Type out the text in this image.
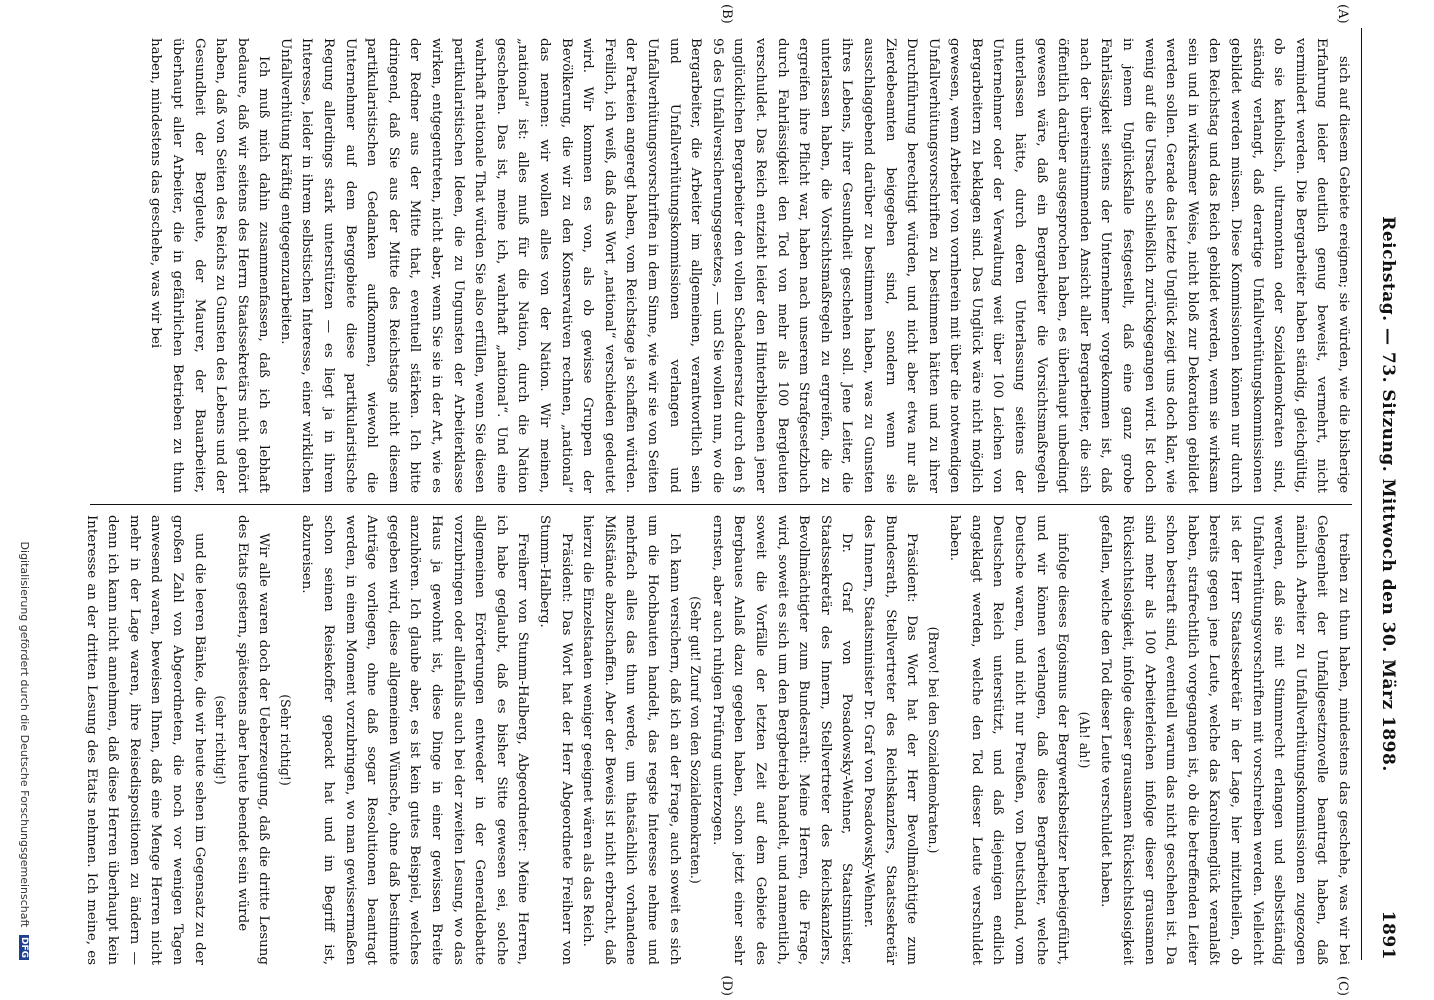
Reichstag. — 73. Sitzung. Mittwoch den 30. März 1898.
1891
(A)
(B)
(C)
(D)

sich auf diesem Gebiete ereignen; sie würden, wie die bisherige Erfahrung leider deutlich genug beweist, vermehrt, nicht vermindert werden. Die Bergarbeiter haben ständig, gleichgültig, ob sie katholisch, ultramontan oder Sozialdemokraten sind, ständig verlangt, daß derartige Unfallverhütungskommissionen gebildet werden müssen. Diese Kommissionen können nur durch den Reichstag und das Reich gebildet werden, wenn sie wirksam sein und in wirksamer Weise, nicht bloß zur Dekoration gebildet werden sollen. Gerade das letzte Unglück zeigt uns doch klar, wie wenig auf die Ursache schließlich zurückgegangen wird. Ist doch in jenem Unglücksfalle festgestellt, daß eine ganz grobe Fahrlässigkeit seitens der Unternehmer vorgekommen ist, daß nach der übereinstimmenden Ansicht aller Bergarbeiter, die sich öffentlich darüber ausgesprochen haben, es überhaupt unbedingt gewesen wäre, daß ein Bergarbeiter die Vorsichtsmaßregeln unterlassen hätte, durch deren Unterlassung seitens der Unternehmer oder der Verwaltung weit über 100 Leichen von Bergarbeitern zu beklagen sind. Das Unglück wäre nicht möglich gewesen, wenn Arbeiter von vornherein mit über die notwendigen Unfallverhütungsvorschriften zu bestimmen hätten und zu ihrer Durchführung berechtigt würden, und nicht aber etwa nur als Zierdebeamten beigegeben sind, sondern wenn sie ausschlaggebend darüber zu bestimmen haben, was zu Gunsten ihres Lebens, ihrer Gesundheit geschehen soll. Jene Leiter, die unterlassen haben, die Vorsichtsmaßregeln zu ergreifen, die zu ergreifen ihre Pflicht war, haben nach unserem Strafgesetzbuch durch Fahrlässigkeit den Tod von mehr als 100 Bergleuten verschuldet. Das Reich entzieht leider den Hinterbliebenen jener unglücklichen Bergarbeiter den vollen Schadenersatz durch den § 95 des Unfallversicherungsgesetzes, — und Sie wollen nun, wo die Bergarbeiter, die Arbeiter im allgemeinen, verantwortlich sein und Unfallverhütungskommissionen verlangen und Unfallverhütungsvorschriften in dem Sinne, wie wir sie von Seiten der Parteien angeregt haben, vom Reichstage ja schaffen würden. Freilich, ich weiß, daß das Wort „national“ verschieden gedeutet wird. Wir kommen es von, als ob gewisse Gruppen der Bevölkerung, die wir zu den Konservativen rechnen, „national“ das nennen: wir wollen alles von der Nation. Wir meinen, „national“ ist: alles muß für die Nation, durch die Nation geschehen. Das ist, meine ich, wahrhaft „national“. Und eine wahrhaft nationale That würden Sie also erfüllen, wenn Sie diesen partikularistischen Ideen, die zu Ungunsten der Arbeiterklasse wirken, entgegentreten, nicht aber, wenn Sie sie in der Art, wie es der Redner aus der Mitte that, eventuell stärken. Ich bitte dringend, daß Sie aus der Mitte des Reichstags nicht diesem partikularistischen Gedanken aufkommen, wiewohl die Unternehmer auf dem Berggebiete diese partikularistische Regung allerdings stark unterstützen — es liegt ja in ihrem Interesse, leider in ihrem selbstischen Interesse, einer wirklichen Unfallverhütung kräftig entgegenzuarbeiten.

Ich muß mich dahin zusammenfassen, daß ich es lebhaft bedaure, daß wir seitens des Herrn Staatssekretärs nicht gehört haben, daß von Seiten des Reichs zu Gunsten des Lebens und der Gesundheit der Bergleute, der Maurer, der Bauarbeiter, überhaupt aller Arbeiter, die in gefährlichen Betrieben zu thun haben, mindestens das geschehe, was wir bei

treiben zu thun haben, mindestens das geschehe, was wir bei Gelegenheit der Unfallgesetznovelle beantragt haben, daß nämlich Arbeiter zu Unfallverhütungskommissionen zugezogen werden, daß sie mit Stimmrecht erlangen und selbstständig Unfallverhütungsvorschriften mit vorschreiben werden. Vielleicht ist der Herr Staatssekretär in der Lage, hier mitzutheilen, ob bereits gegen jene Leute, welche das Karolinenglück veranlaßt haben, strafrechtlich vorgegangen ist, ob die betreffenden Leiter schon bestraft sind, eventuell warum das nicht geschehen ist. Da sind mehr als 100 Arbeiterleichen infolge dieser grausamen Rücksichtslosigkeit, infolge dieser grausamen Rücksichtslosigkeit gefallen, welche den Tod dieser Leute verschuldet haben.

(Ah! ah!)

infolge dieses Egoismus der Bergwerksbesitzer herbeigeführt, und wir können verlangen, daß diese Bergarbeiter, welche Deutsche waren, und nicht nur Preußen, von Deutschland, vom Deutschen Reich unterstützt, und daß diejenigen endlich angeklagt werden, welche den Tod dieser Leute verschuldet haben.

(Bravo! bei den Sozialdemokraten.)

Präsident: Das Wort hat der Herr Bevollmächtigte zum Bundesrath, Stellvertreter des Reichskanzlers, Staatssekretär des Innern, Staatsminister Dr. Graf von Posadowsky-Wehner.

Dr. Graf von Posadowsky-Wehner, Staatsminister, Staatssekretär des Innern, Stellvertreter des Reichskanzlers, Bevollmächtigter zum Bundesrath: Meine Herren, die Frage, wird, soweit es sich um den Bergbetrieb handelt, und namentlich, soweit die Vorfälle der letzten Zeit auf dem Gebiete des Bergbaues Anlaß dazu gegeben haben, schon jetzt einer sehr ernsten, aber auch ruhigen Prüfung unterzogen.

(Sehr gut! Zuruf von den Sozialdemokraten.)

Ich kann versichern, daß ich an der Frage, auch soweit es sich um die Hochbauten handelt, das regste Interesse nehme und mehrfach alles das thun werde, um thatsächlich vorhandene Mißstände abzuschaffen. Aber der Beweis ist nicht erbracht, daß hierzu die Einzelstaaten weniger geeignet wären als das Reich.

Präsident: Das Wort hat der Herr Abgeordnete Freiherr von Stumm-Halberg.

Freiherr von Stumm-Halberg, Abgeordneter: Meine Herren, ich habe geglaubt, daß es bisher Sitte gewesen sei, solche allgemeinen Erörterungen entweder in der Generaldebatte vorzubringen oder allenfalls auch bei der zweiten Lesung, wo das Haus ja gewohnt ist, diese Dinge in einer gewissen Breite anzuhören. Ich glaube aber, es ist kein gutes Beispiel, welches gegeben wird, diese allgemeinen Wünsche, ohne daß bestimmte Anträge vorliegen, ohne daß sogar Resolutionen beantragt werden, in einem Moment vorzubringen, wo man gewissermaßen schon seinen Reisekoffer gepackt hat und im Begriff ist, abzureisen.

(Sehr richtig!)

Wir alle waren doch der Ueberzeugung, daß die dritte Lesung des Etats gestern, spätestens aber heute beendet sein würde

(sehr richtig!)

und die leeren Bänke, die wir heute sehen im Gegensatz zu der großen Zahl von Abgeordneten, die noch vor wenigen Tagen anwesend waren, beweisen Ihnen, daß eine Menge Herren nicht mehr in der Lage waren, ihre Reisedispositionen zu ändern — denn ich kann nicht annehmen, daß diese Herren überhaupt kein Interesse an der dritten Lesung des Etats nehmen. Ich meine, es

Digitalisierung gefördert durch die Deutsche Forschungsgemeinschaft DFG
